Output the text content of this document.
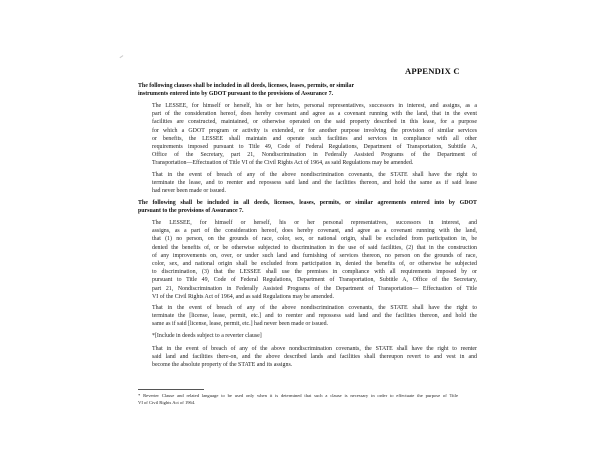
APPENDIX C
The following clauses shall be included in all deeds, licenses, leases, permits, or similar
instruments entered into by GDOT pursuant to the provisions of Assurance 7.
The LESSEE, for himself or herself, his or her heirs, personal representatives, successors in interest, and assigns, as a
part of the consideration hereof, does hereby covenant and agree as a covenant running with the land, that in the event
facilities are constructed, maintained, or otherwise operated on the said property described in this lease, for a purpose
for which a GDOT program or activity is extended, or for another purpose involving the provision of similar services
or benefits, the LESSEE shall maintain and operate such facilities and services in compliance with all other
requirements imposed pursuant to Title 49, Code of Federal Regulations, Department of Transportation, Subtitle A,
Office of the Secretary, part 21, Nondiscrimination in Federally Assisted Programs of the Department of
Transportation—Effectuation of Title VI of the Civil Rights Act of 1964, as said Regulations may be amended.
That in the event of breach of any of the above nondiscrimination covenants, the STATE shall have the right to
terminate the lease, and to reenter and repossess said land and the facilities thereon, and hold the same as if said lease
had never been made or issued.
The following shall be included in all deeds, licenses, leases, permits, or similar agreements entered into by GDOT
pursuant to the provisions of Assurance 7.
The LESSEE, for himself or herself, his or her personal representatives, successors in interest, and
assigns, as a part of the consideration hereof, does hereby covenant, and agree as a covenant running with the land,
that (1) no person, on the grounds of race, color, sex, or national origin, shall be excluded from participation in, be
denied the benefits of, or be otherwise subjected to discrimination in the use of said facilities, (2) that in the construction
of any improvements on, over, or under such land and furnishing of services thereon, no person on the grounds of race,
color, sex, and national origin shall be excluded from participation in, denied the benefits of, or otherwise be subjected
to discrimination, (3) that the LESSEE shall use the premises in compliance with all requirements imposed by or
pursuant to Title 49, Code of Federal Regulations, Department of Transportation, Subtitle A, Office of the Secretary,
part 21, Nondiscrimination in Federally Assisted Programs of the Department of Transportation— Effectuation of Title
VI of the Civil Rights Act of 1964, and as said Regulations may be amended.
That in the event of breach of any of the above nondiscrimination covenants, the STATE shall have the right to
terminate the [license, lease, permit, etc.] and to reenter and repossess said land and the facilities thereon, and hold the
same as if said [license, lease, permit, etc.] had never been made or issued.
*[Include in deeds subject to a reverter clause]
That in the event of breach of any of the above nondiscrimination covenants, the STATE shall have the right to reenter
said land and facilities there-on, and the above described lands and facilities shall thereupon revert to and vest in and
become the absolute property of the STATE and its assigns.
* Reverter Clause and related language to be used only when it is determined that such a clause is necessary in order to effectuate the purpose of Title
VI of Civil Rights Act of 1964.
